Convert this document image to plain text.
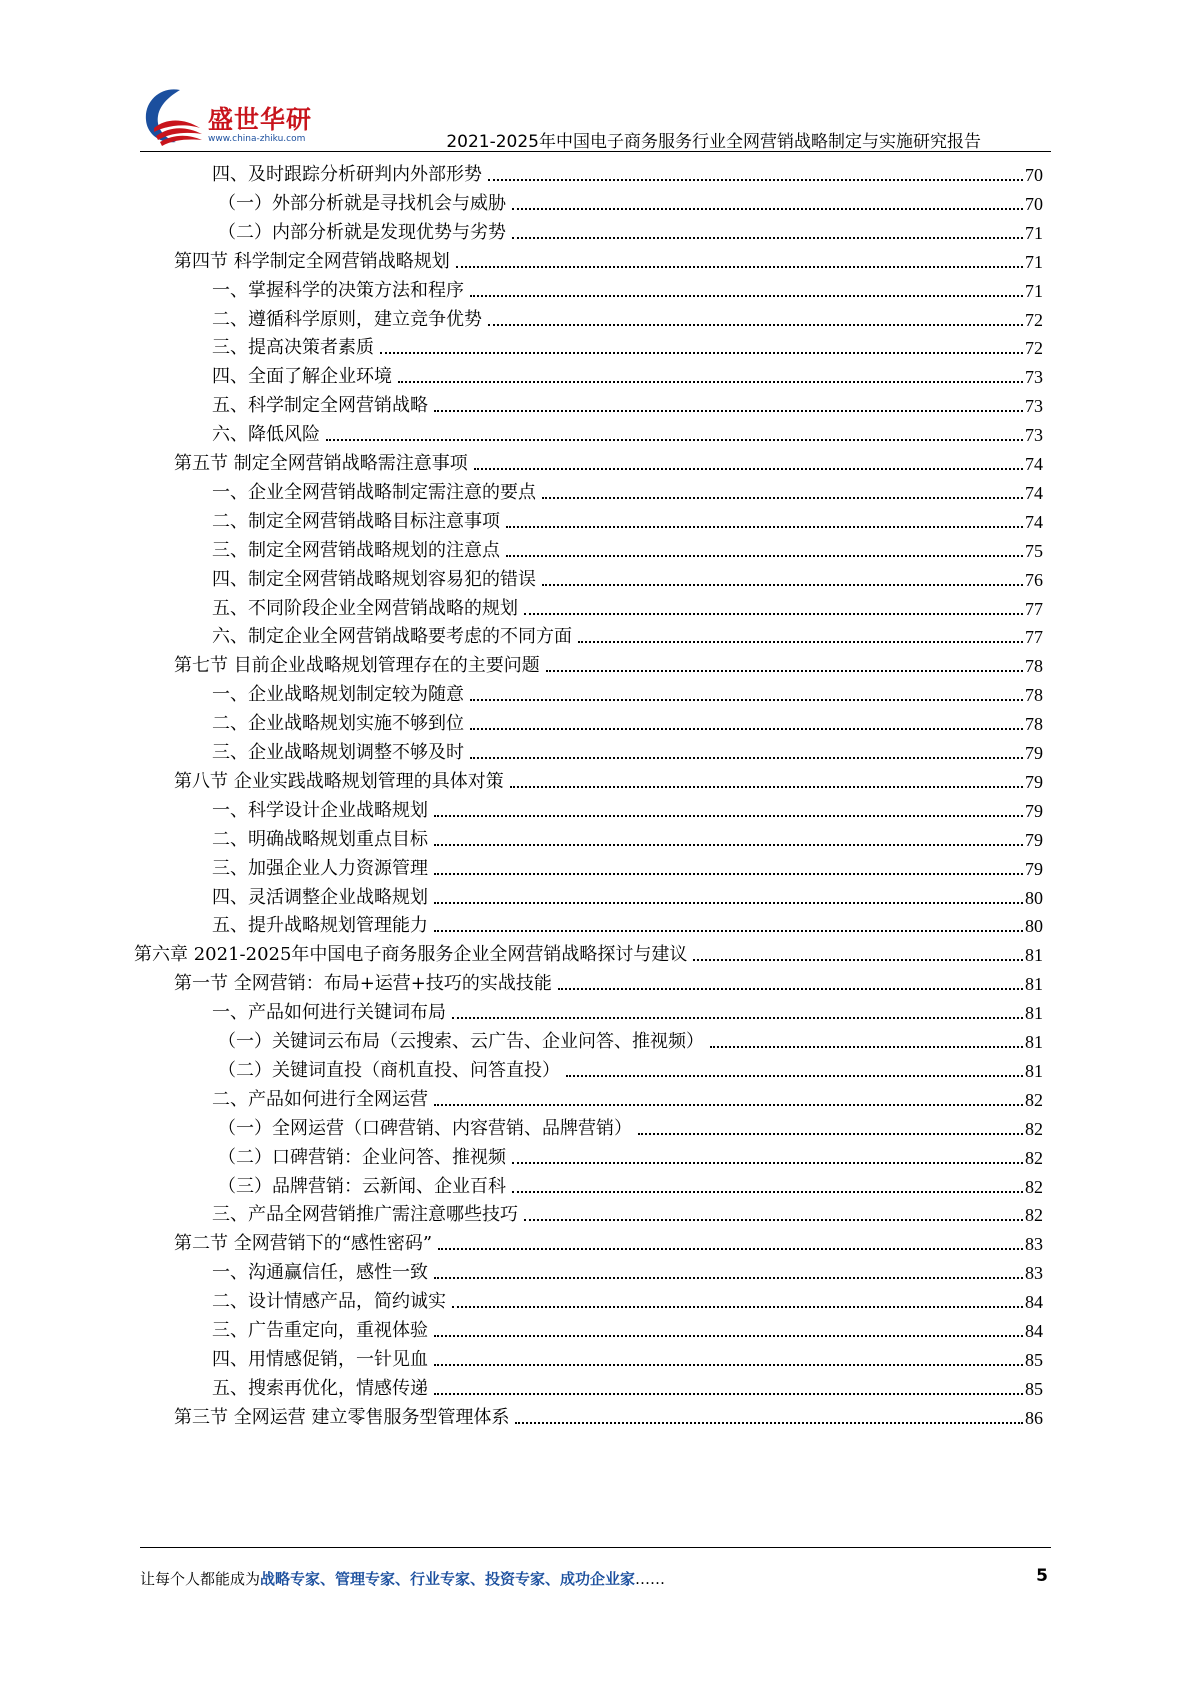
盛世华研
www.china-zhiku.com	2021-2025年中国电子商务服务行业全网营销战略制定与实施研究报告
四、及时跟踪分析研判内外部形势	70
（一）外部分析就是寻找机会与威胁	70
（二）内部分析就是发现优势与劣势	71
第四节 科学制定全网营销战略规划	71
一、掌握科学的决策方法和程序	71
二、遵循科学原则，建立竞争优势	72
三、提高决策者素质	72
四、全面了解企业环境	73
五、科学制定全网营销战略	73
六、降低风险	73
第五节 制定全网营销战略需注意事项	74
一、企业全网营销战略制定需注意的要点	74
二、制定全网营销战略目标注意事项	74
三、制定全网营销战略规划的注意点	75
四、制定全网营销战略规划容易犯的错误	76
五、不同阶段企业全网营销战略的规划	77
六、制定企业全网营销战略要考虑的不同方面	77
第七节 目前企业战略规划管理存在的主要问题	78
一、企业战略规划制定较为随意	78
二、企业战略规划实施不够到位	78
三、企业战略规划调整不够及时	79
第八节 企业实践战略规划管理的具体对策	79
一、科学设计企业战略规划	79
二、明确战略规划重点目标	79
三、加强企业人力资源管理	79
四、灵活调整企业战略规划	80
五、提升战略规划管理能力	80
第六章 2021-2025年中国电子商务服务企业全网营销战略探讨与建议	81
第一节 全网营销：布局+运营+技巧的实战技能	81
一、产品如何进行关键词布局	81
（一）关键词云布局（云搜索、云广告、企业问答、推视频）	81
（二）关键词直投（商机直投、问答直投）	81
二、产品如何进行全网运营	82
（一）全网运营（口碑营销、内容营销、品牌营销）	82
（二）口碑营销：企业问答、推视频	82
（三）品牌营销：云新闻、企业百科	82
三、产品全网营销推广需注意哪些技巧	82
第二节 全网营销下的“感性密码”	83
一、沟通赢信任，感性一致	83
二、设计情感产品，简约诚实	84
三、广告重定向，重视体验	84
四、用情感促销，一针见血	85
五、搜索再优化，情感传递	85
第三节 全网运营 建立零售服务型管理体系	86
让每个人都能成为战略专家、管理专家、行业专家、投资专家、成功企业家……	5
